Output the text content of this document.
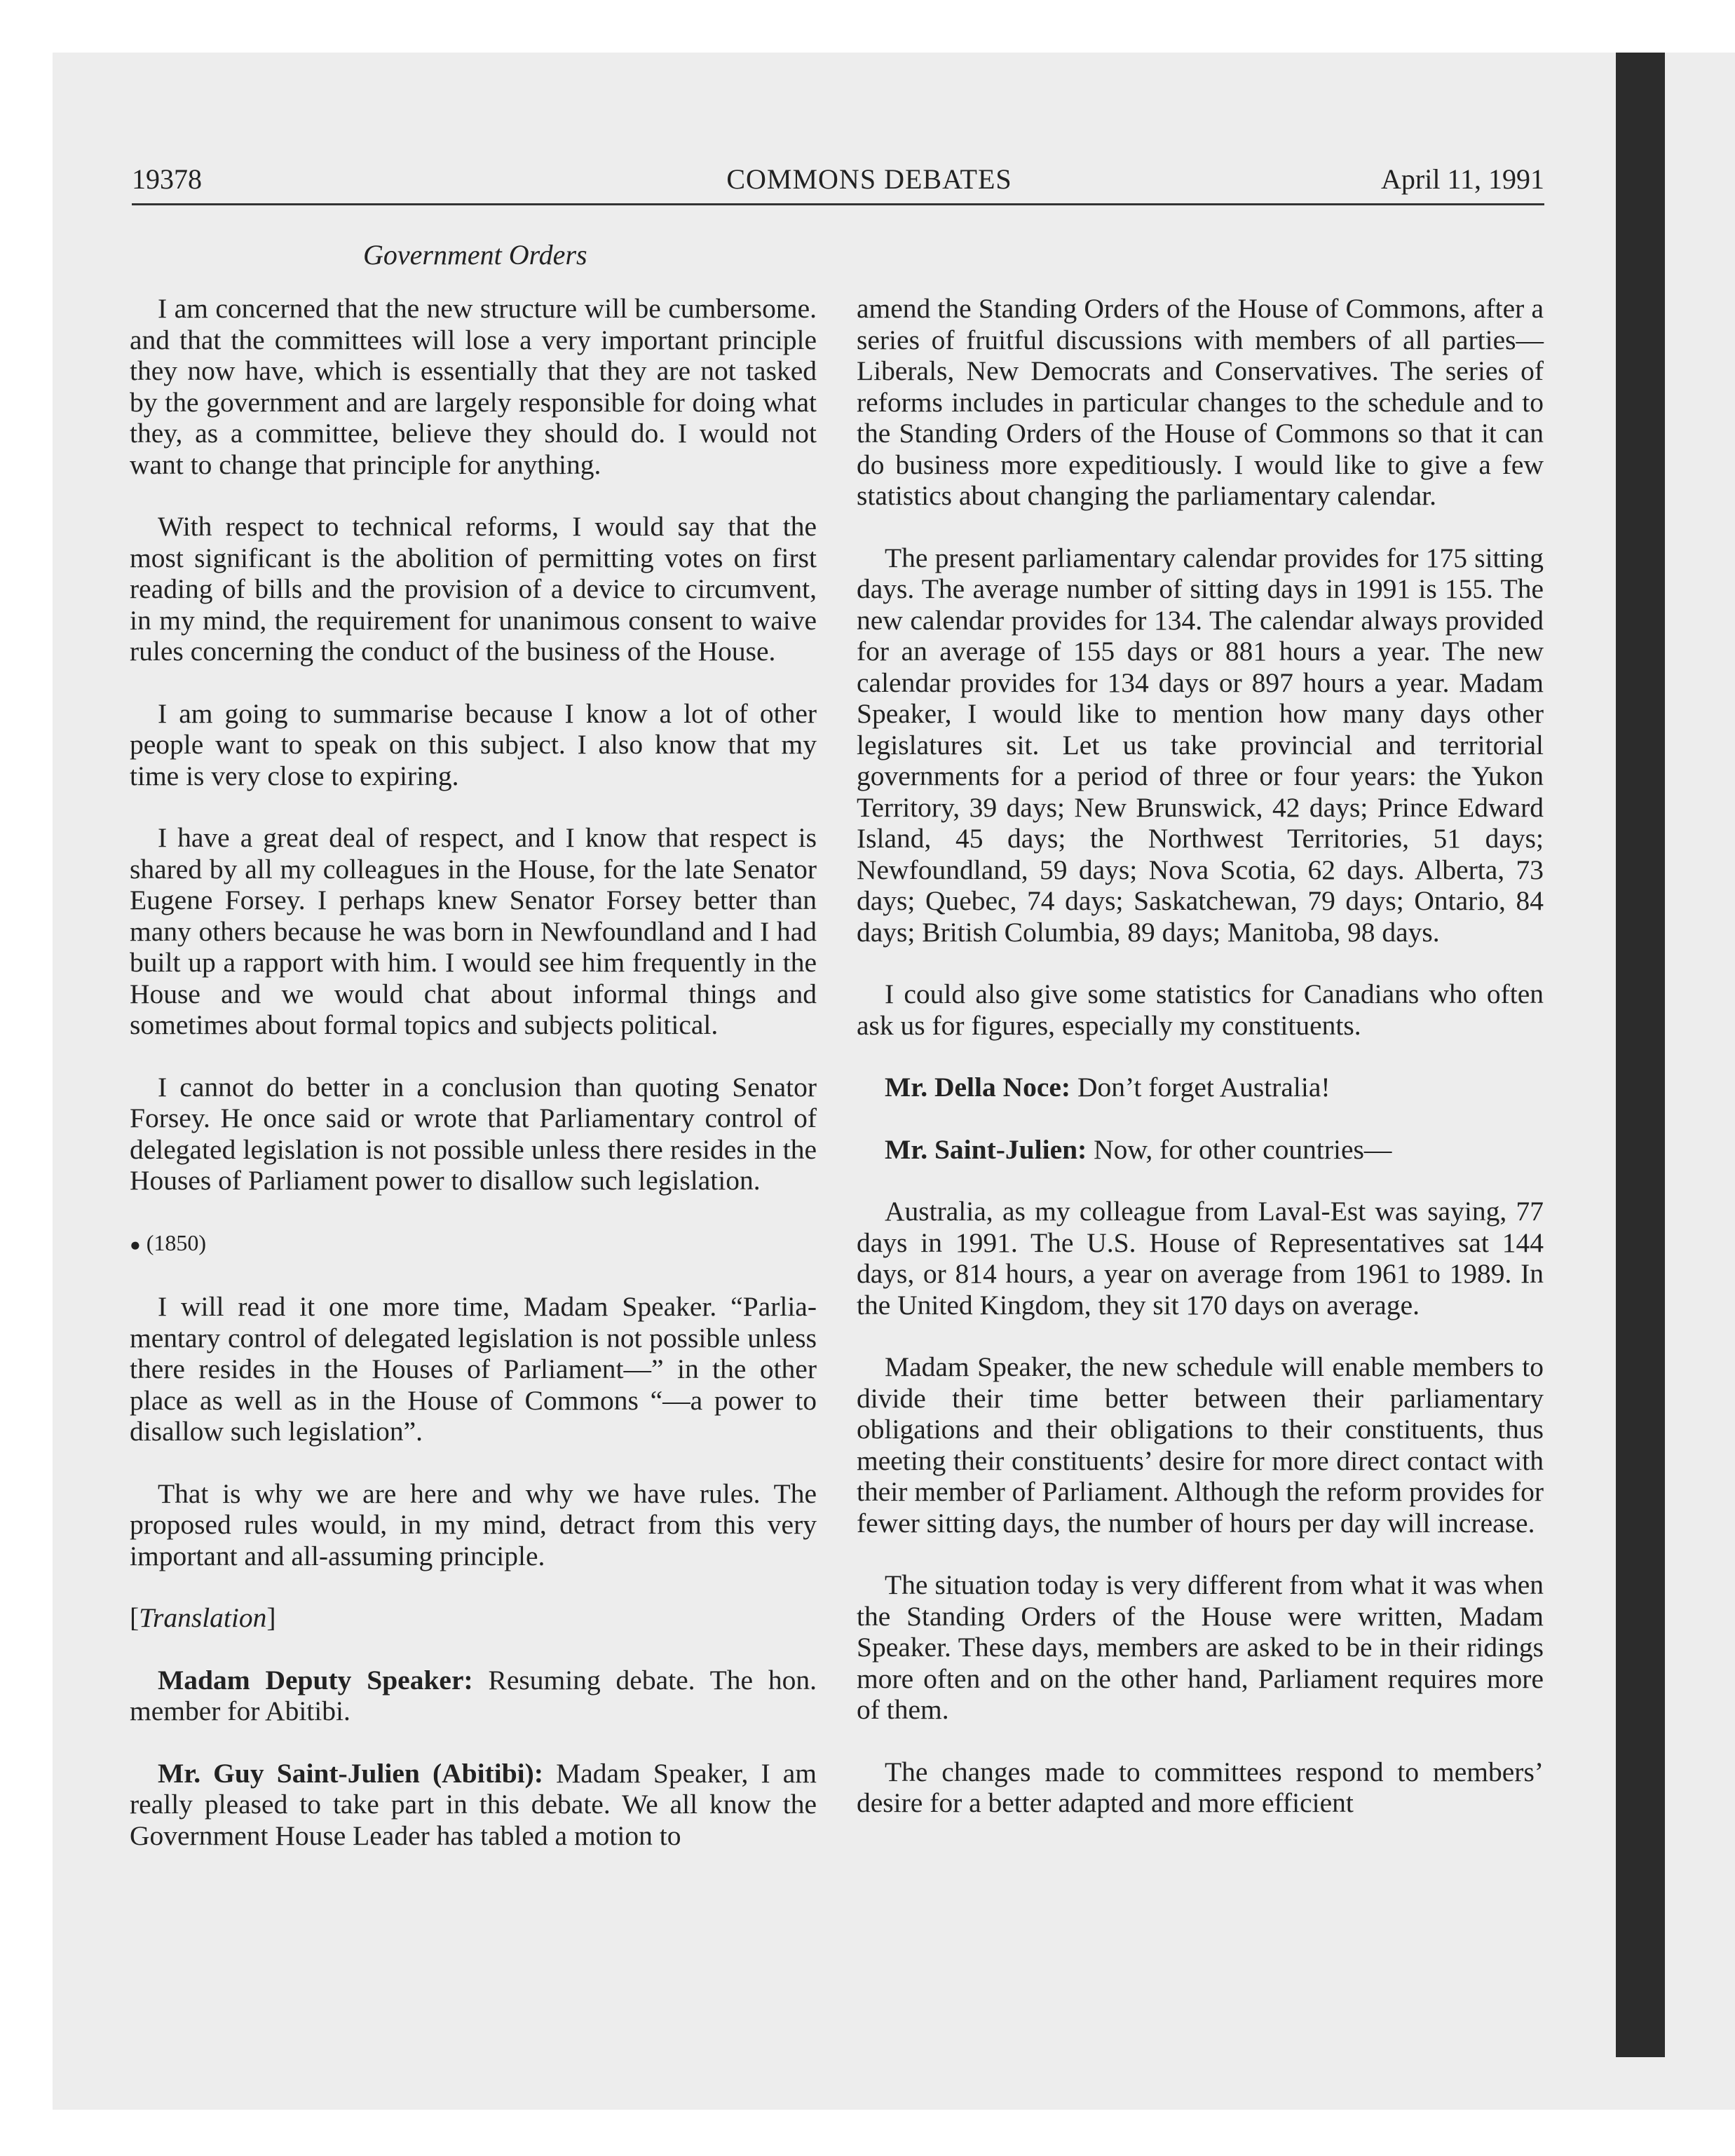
19378	COMMONS DEBATES	April 11, 1991
Government Orders

I am concerned that the new structure will be cumbersome. and that the committees will lose a very important principle they now have, which is essentially that they are not tasked by the government and are largely responsible for doing what they, as a committee, believe they should do. I would not want to change that principle for anything.

With respect to technical reforms, I would say that the most significant is the abolition of permitting votes on first reading of bills and the provision of a device to circumvent, in my mind, the requirement for unanimous consent to waive rules concerning the conduct of the business of the House.

I am going to summarise because I know a lot of other people want to speak on this subject. I also know that my time is very close to expiring.

I have a great deal of respect, and I know that respect is shared by all my colleagues in the House, for the late Senator Eugene Forsey. I perhaps knew Senator Forsey better than many others because he was born in Newfoundland and I had built up a rapport with him. I would see him frequently in the House and we would chat about informal things and sometimes about formal topics and subjects political.

I cannot do better in a conclusion than quoting Senator Forsey. He once said or wrote that Parliamentary control of delegated legislation is not possible unless there resides in the Houses of Parliament power to disallow such legislation.

● (1850)

I will read it one more time, Madam Speaker. “Parliamentary control of delegated legislation is not possible unless there resides in the Houses of Parliament—” in the other place as well as in the House of Commons “—a power to disallow such legislation”.

That is why we are here and why we have rules. The proposed rules would, in my mind, detract from this very important and all-assuming principle.

[Translation]

Madam Deputy Speaker: Resuming debate. The hon. member for Abitibi.

Mr. Guy Saint-Julien (Abitibi): Madam Speaker, I am really pleased to take part in this debate. We all know the Government House Leader has tabled a motion to

amend the Standing Orders of the House of Commons, after a series of fruitful discussions with members of all parties—Liberals, New Democrats and Conservatives. The series of reforms includes in particular changes to the schedule and to the Standing Orders of the House of Commons so that it can do business more expeditiously. I would like to give a few statistics about changing the parliamentary calendar.

The present parliamentary calendar provides for 175 sitting days. The average number of sitting days in 1991 is 155. The new calendar provides for 134. The calendar always provided for an average of 155 days or 881 hours a year. The new calendar provides for 134 days or 897 hours a year. Madam Speaker, I would like to mention how many days other legislatures sit. Let us take provincial and territorial governments for a period of three or four years: the Yukon Territory, 39 days; New Brunswick, 42 days; Prince Edward Island, 45 days; the Northwest Territories, 51 days; Newfoundland, 59 days; Nova Scotia, 62 days. Alberta, 73 days; Quebec, 74 days; Saskatchewan, 79 days; Ontario, 84 days; British Columbia, 89 days; Manitoba, 98 days.

I could also give some statistics for Canadians who often ask us for figures, especially my constituents.

Mr. Della Noce: Don’t forget Australia!

Mr. Saint-Julien: Now, for other countries—

Australia, as my colleague from Laval-Est was saying, 77 days in 1991. The U.S. House of Representatives sat 144 days, or 814 hours, a year on average from 1961 to 1989. In the United Kingdom, they sit 170 days on average.

Madam Speaker, the new schedule will enable members to divide their time better between their parliamentary obligations and their obligations to their constituents, thus meeting their constituents’ desire for more direct contact with their member of Parliament. Although the reform provides for fewer sitting days, the number of hours per day will increase.

The situation today is very different from what it was when the Standing Orders of the House were written, Madam Speaker. These days, members are asked to be in their ridings more often and on the other hand, Parliament requires more of them.

The changes made to committees respond to members’ desire for a better adapted and more efficient
